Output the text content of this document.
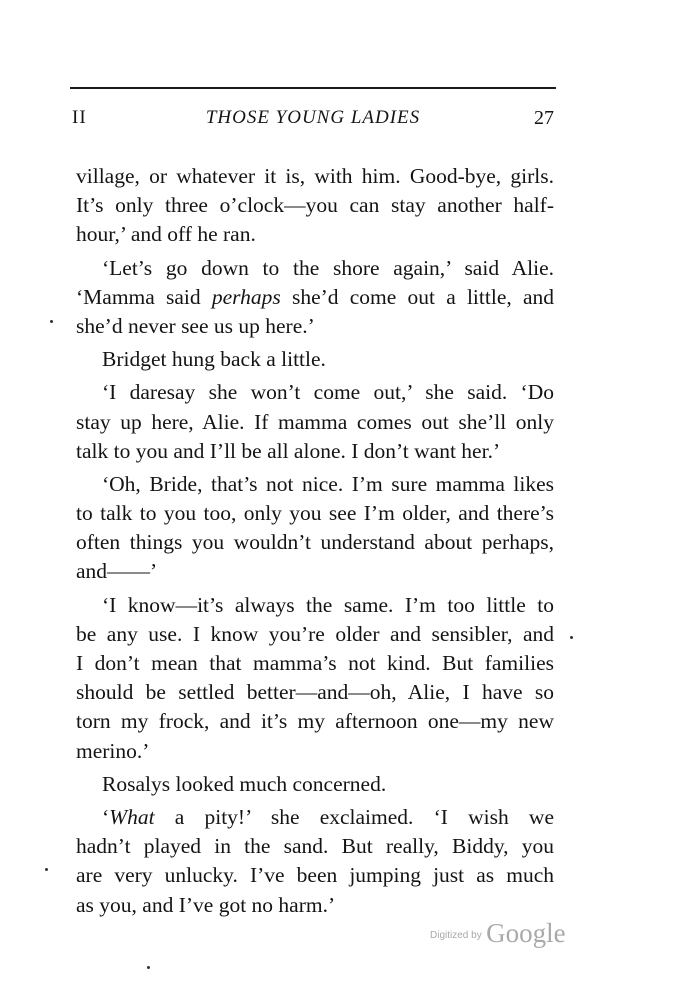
II	THOSE YOUNG LADIES	27
village, or whatever it is, with him. Good-bye, girls.
It’s only three o’clock—you can stay another half-
hour,’ and off he ran.
‘Let’s go down to the shore again,’ said Alie.
‘Mamma said perhaps she’d come out a little, and
she’d never see us up here.’
Bridget hung back a little.
‘I daresay she won’t come out,’ she said. ‘Do
stay up here, Alie. If mamma comes out she’ll only
talk to you and I’ll be all alone. I don’t want her.’
‘Oh, Bride, that’s not nice. I’m sure mamma likes
to talk to you too, only you see I’m older, and there’s
often things you wouldn’t understand about perhaps,
and——’
‘I know—it’s always the same. I’m too little to
be any use. I know you’re older and sensibler, and
I don’t mean that mamma’s not kind. But families
should be settled better—and—oh, Alie, I have so
torn my frock, and it’s my afternoon one—my new
merino.’
Rosalys looked much concerned.
‘What a pity!’ she exclaimed. ‘I wish we
hadn’t played in the sand. But really, Biddy, you
are very unlucky. I’ve been jumping just as much
as you, and I’ve got no harm.’
$^{Digitized by}$ Google
